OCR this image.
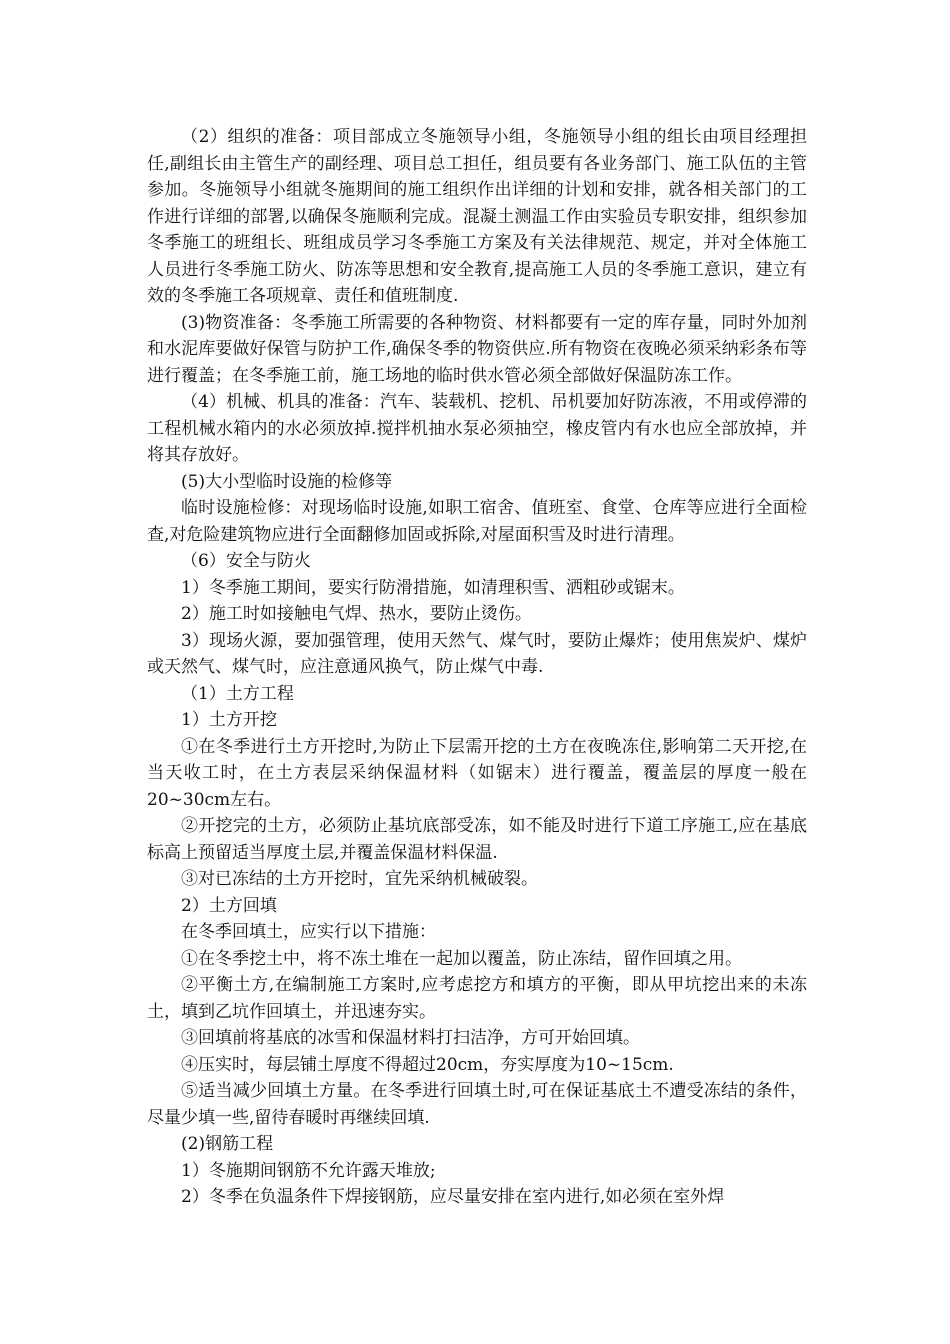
（2）组织的准备：项目部成立冬施领导小组，冬施领导小组的组长由项目经理担任,副组长由主管生产的副经理、项目总工担任，组员要有各业务部门、施工队伍的主管参加。冬施领导小组就冬施期间的施工组织作出详细的计划和安排，就各相关部门的工作进行详细的部署,以确保冬施顺利完成。混凝土测温工作由实验员专职安排，组织参加冬季施工的班组长、班组成员学习冬季施工方案及有关法律规范、规定，并对全体施工人员进行冬季施工防火、防冻等思想和安全教育,提高施工人员的冬季施工意识，建立有效的冬季施工各项规章、责任和值班制度.

(3)物资准备：冬季施工所需要的各种物资、材料都要有一定的库存量，同时外加剂和水泥库要做好保管与防护工作,确保冬季的物资供应.所有物资在夜晚必须采纳彩条布等进行覆盖；在冬季施工前，施工场地的临时供水管必须全部做好保温防冻工作。

（4）机械、机具的准备：汽车、装载机、挖机、吊机要加好防冻液，不用或停滞的工程机械水箱内的水必须放掉.搅拌机抽水泵必须抽空，橡皮管内有水也应全部放掉，并将其存放好。

(5)大小型临时设施的检修等

临时设施检修：对现场临时设施,如职工宿舍、值班室、食堂、仓库等应进行全面检查,对危险建筑物应进行全面翻修加固或拆除,对屋面积雪及时进行清理。

（6）安全与防火

1）冬季施工期间，要实行防滑措施，如清理积雪、洒粗砂或锯末。

2）施工时如接触电气焊、热水，要防止烫伤。

3）现场火源，要加强管理，使用天然气、煤气时，要防止爆炸；使用焦炭炉、煤炉或天然气、煤气时，应注意通风换气，防止煤气中毒.

（1）土方工程

1）土方开挖

①在冬季进行土方开挖时,为防止下层需开挖的土方在夜晚冻住,影响第二天开挖,在当天收工时，在土方表层采纳保温材料（如锯末）进行覆盖，覆盖层的厚度一般在20~30cm左右。

②开挖完的土方，必须防止基坑底部受冻，如不能及时进行下道工序施工,应在基底标高上预留适当厚度土层,并覆盖保温材料保温.

③对已冻结的土方开挖时，宜先采纳机械破裂。

2）土方回填

在冬季回填土，应实行以下措施：

①在冬季挖土中，将不冻土堆在一起加以覆盖，防止冻结，留作回填之用。

②平衡土方,在编制施工方案时,应考虑挖方和填方的平衡，即从甲坑挖出来的未冻土，填到乙坑作回填土，并迅速夯实。

③回填前将基底的冰雪和保温材料打扫洁净，方可开始回填。

④压实时，每层铺土厚度不得超过20cm，夯实厚度为10~15cm.

⑤适当减少回填土方量。在冬季进行回填土时,可在保证基底土不遭受冻结的条件，尽量少填一些,留待春暖时再继续回填.

(2)钢筋工程

1）冬施期间钢筋不允许露天堆放;

2）冬季在负温条件下焊接钢筋，应尽量安排在室内进行,如必须在室外焊
